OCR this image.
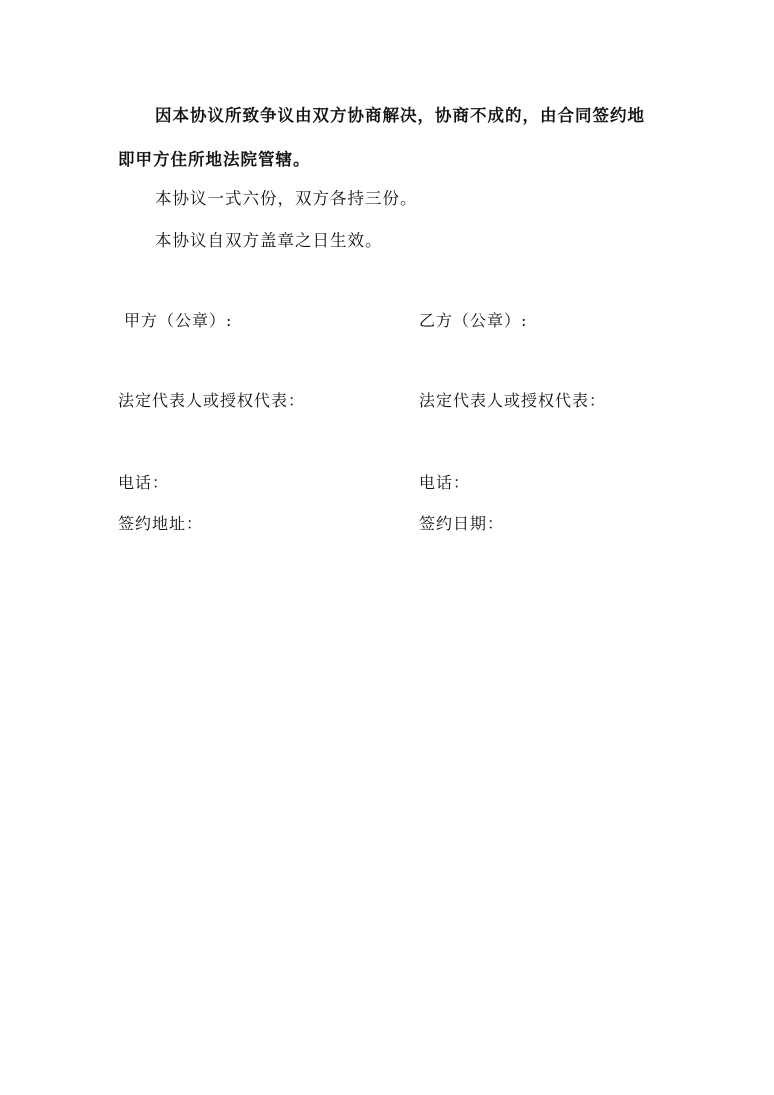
因本协议所致争议由双方协商解决，协商不成的，由合同签约地
即甲方住所地法院管辖。
本协议一式六份，双方各持三份。
本协议自双方盖章之日生效。
甲方（公章）:	乙方（公章）:
法定代表人或授权代表：	法定代表人或授权代表：
电话：	电话：
签约地址：	签约日期：
